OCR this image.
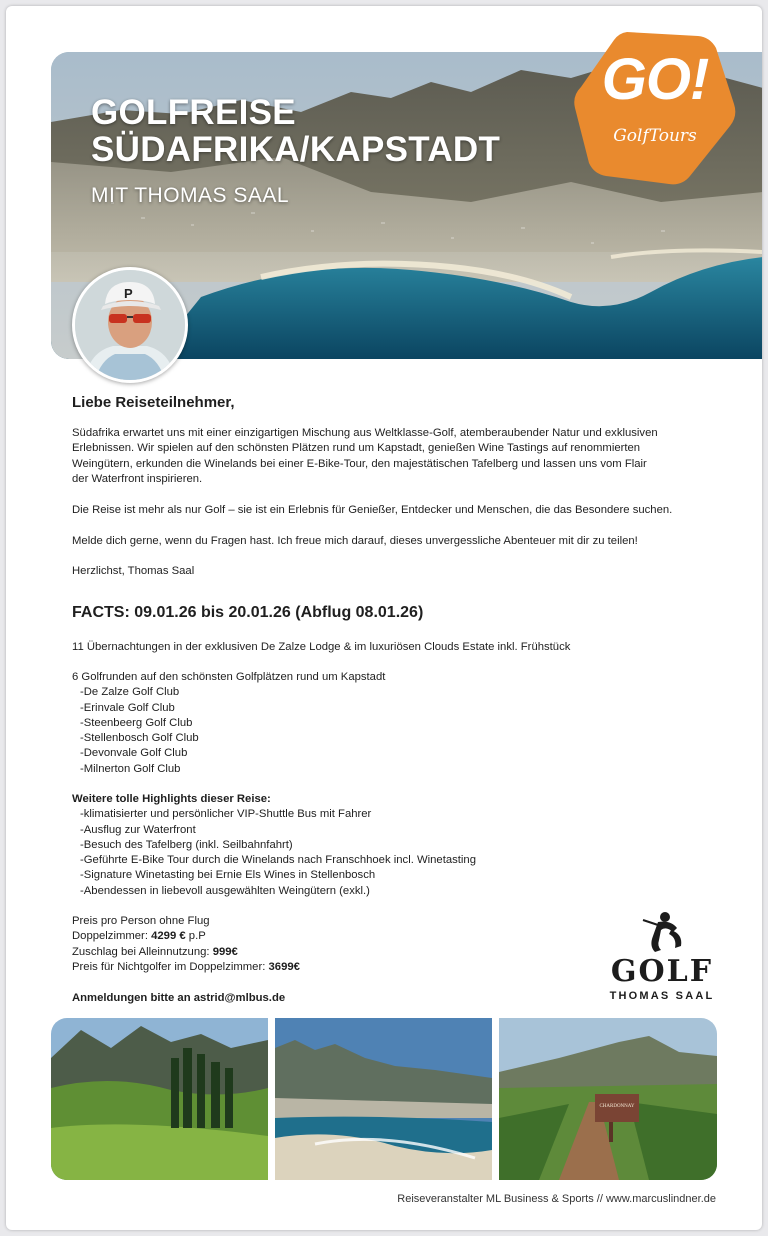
GOLFREISE
SÜDAFRIKA/KAPSTADT
MIT THOMAS SAAL
GO!
GolfTours
P
Liebe Reiseteilnehmer,
Südafrika erwartet uns mit einer einzigartigen Mischung aus Weltklasse-Golf, atemberaubender Natur und exklusiven
Erlebnissen. Wir spielen auf den schönsten Plätzen rund um Kapstadt, genießen Wine Tastings auf renommierten
Weingütern, erkunden die Winelands bei einer E-Bike-Tour, den majestätischen Tafelberg und lassen uns vom Flair
der Waterfront inspirieren.
Die Reise ist mehr als nur Golf – sie ist ein Erlebnis für Genießer, Entdecker und Menschen, die das Besondere suchen.
Melde dich gerne, wenn du Fragen hast. Ich freue mich darauf, dieses unvergessliche Abenteuer mit dir zu teilen!
Herzlichst, Thomas Saal
FACTS: 09.01.26 bis 20.01.26 (Abflug 08.01.26)
11 Übernachtungen in der exklusiven De Zalze Lodge & im luxuriösen Clouds Estate inkl. Frühstück
6 Golfrunden auf den schönsten Golfplätzen rund um Kapstadt
-De Zalze Golf Club
-Erinvale Golf Club
-Steenbeerg Golf Club
-Stellenbosch Golf Club
-Devonvale Golf Club
-Milnerton Golf Club
Weitere tolle Highlights dieser Reise:
-klimatisierter und persönlicher VIP-Shuttle Bus mit Fahrer
-Ausflug zur Waterfront
-Besuch des Tafelberg (inkl. Seilbahnfahrt)
-Geführte E-Bike Tour durch die Winelands nach Franschhoek incl. Winetasting
-Signature Winetasting bei Ernie Els Wines in Stellenbosch
-Abendessen in liebevoll ausgewählten Weingütern (exkl.)
Preis pro Person ohne Flug
Doppelzimmer: 4299 € p.P
Zuschlag bei Alleinnutzung: 999€
Preis für Nichtgolfer im Doppelzimmer: 3699€
Anmeldungen bitte an astrid@mlbus.de
GOLF
THOMAS SAAL
CHARDONNAY
Reiseveranstalter ML Business & Sports // www.marcuslindner.de
